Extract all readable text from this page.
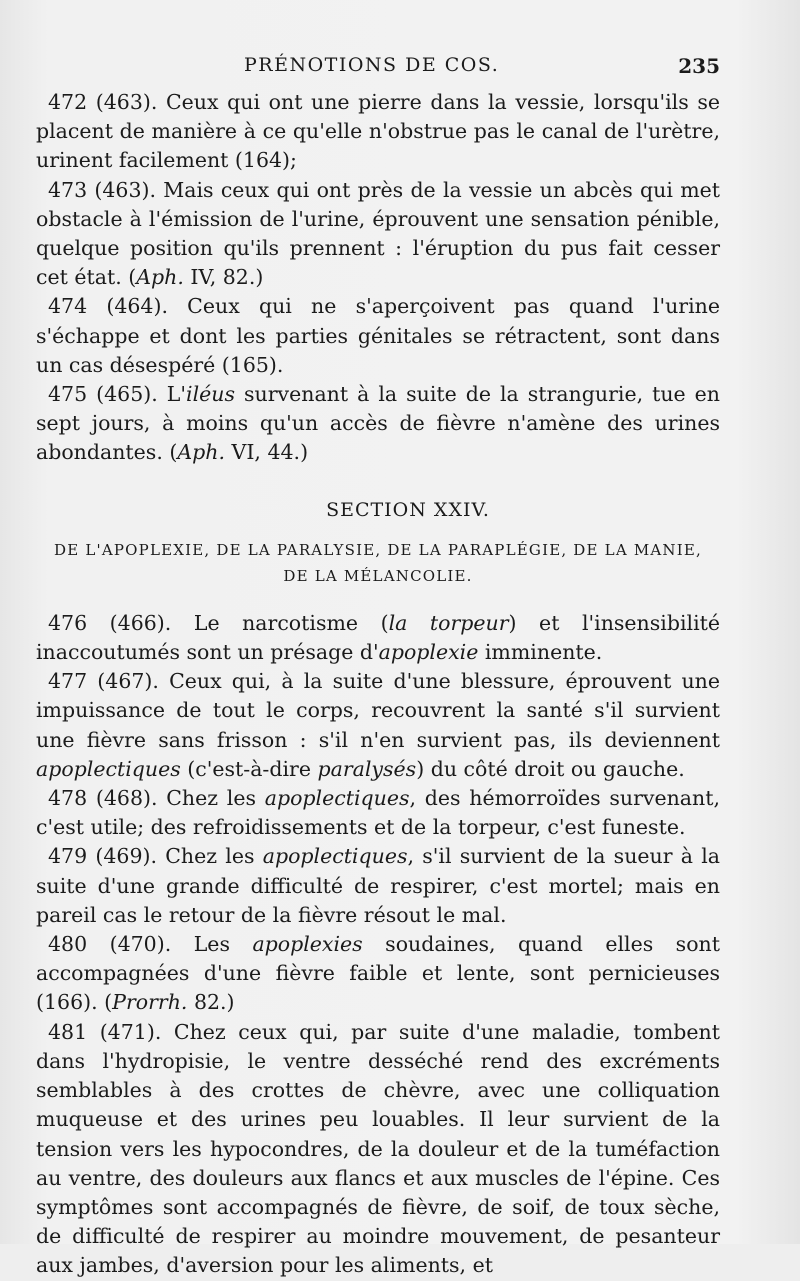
PRÉNOTIONS DE COS.	235

472 (463). Ceux qui ont une pierre dans la vessie, lorsqu'ils se placent de manière à ce qu'elle n'obstrue pas le canal de l'urètre, urinent facilement (164);

473 (463). Mais ceux qui ont près de la vessie un abcès qui met obstacle à l'émission de l'urine, éprouvent une sensation pénible, quelque position qu'ils prennent : l'éruption du pus fait cesser cet état. (Aph. IV, 82.)

474 (464). Ceux qui ne s'aperçoivent pas quand l'urine s'échappe et dont les parties génitales se rétractent, sont dans un cas désespéré (165).

475 (465). L'iléus survenant à la suite de la strangurie, tue en sept jours, à moins qu'un accès de fièvre n'amène des urines abondantes. (Aph. VI, 44.)

SECTION XXIV.
DE L'APOPLEXIE, DE LA PARALYSIE, DE LA PARAPLÉGIE, DE LA MANIE,
DE LA MÉLANCOLIE.

476 (466). Le narcotisme (la torpeur) et l'insensibilité inaccoutumés sont un présage d'apoplexie imminente.

477 (467). Ceux qui, à la suite d'une blessure, éprouvent une impuissance de tout le corps, recouvrent la santé s'il survient une fièvre sans frisson : s'il n'en survient pas, ils deviennent apoplectiques (c'est-à-dire paralysés) du côté droit ou gauche.

478 (468). Chez les apoplectiques, des hémorroïdes survenant, c'est utile; des refroidissements et de la torpeur, c'est funeste.

479 (469). Chez les apoplectiques, s'il survient de la sueur à la suite d'une grande difficulté de respirer, c'est mortel; mais en pareil cas le retour de la fièvre résout le mal.

480 (470). Les apoplexies soudaines, quand elles sont accompagnées d'une fièvre faible et lente, sont pernicieuses (166). (Prorrh. 82.)

481 (471). Chez ceux qui, par suite d'une maladie, tombent dans l'hydropisie, le ventre desséché rend des excréments semblables à des crottes de chèvre, avec une colliquation muqueuse et des urines peu louables. Il leur survient de la tension vers les hypocondres, de la douleur et de la tuméfaction au ventre, des douleurs aux flancs et aux muscles de l'épine. Ces symptômes sont accompagnés de fièvre, de soif, de toux sèche, de difficulté de respirer au moindre mouvement, de pesanteur aux jambes, d'aversion pour les aliments, et
